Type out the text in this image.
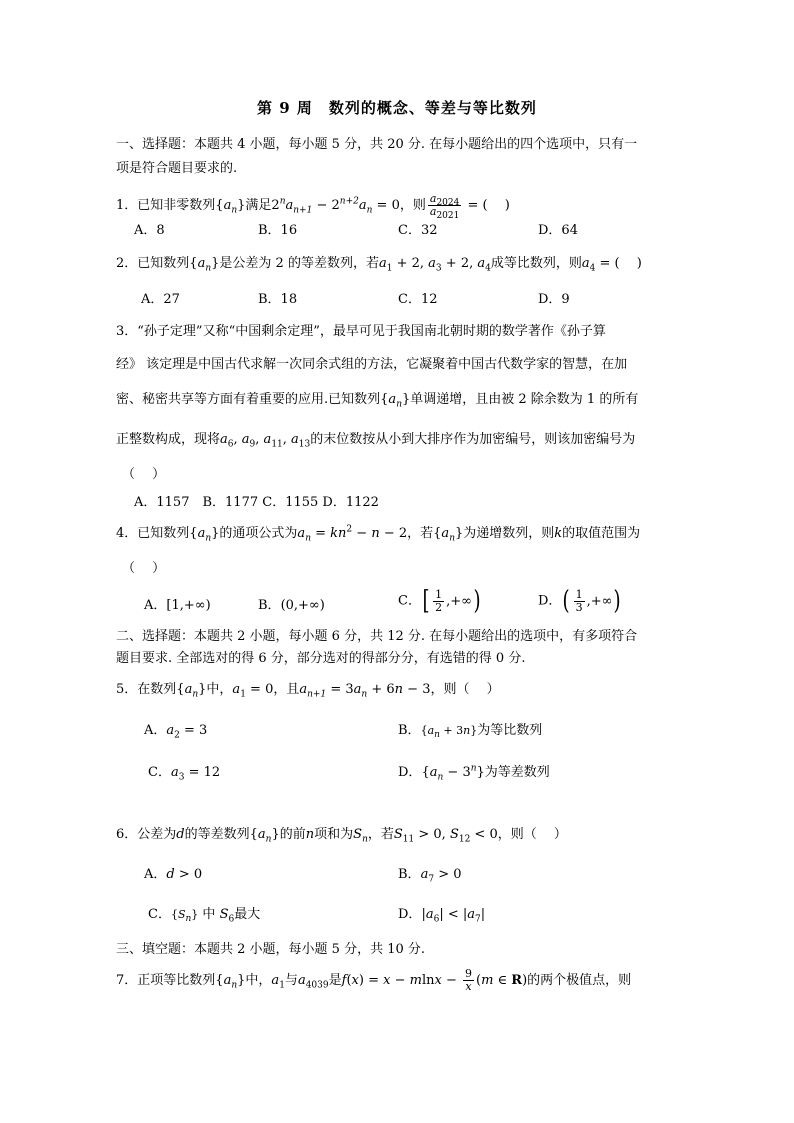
第 9 周　数列的概念、等差与等比数列
一、选择题：本题共 4 小题，每小题 5 分，共 20 分. 在每小题给出的四个选项中，只有一
项是符合题目要求的.
1．已知非零数列$\{a_n\}$满足$2^na_{n+1} - 2^{n+2}a_n = 0$，则 $\frac{a_{2024}}{a_{2021}}$ = (　 )
A．8	B．16	C．32	D．64
2．已知数列$\{a_n\}$是公差为 2 的等差数列，若$a_1 + 2$, $a_3 + 2$, $a_4$成等比数列，则$a_4$ = (　 )
A．27	B．18	C．12	D．9
3．“孙子定理”又称“中国剩余定理”，最早可见于我国南北朝时期的数学著作《孙子算
经》 该定理是中国古代求解一次同余式组的方法，它凝聚着中国古代数学家的智慧，在加
密、秘密共享等方面有着重要的应用.已知数列$\{a_n\}$单调递增，且由被 2 除余数为 1 的所有
正整数构成，现将$a_6$, $a_9$, $a_{11}$, $a_{13}$的末位数按从小到大排序作为加密编号，则该加密编号为
（　 ）
A．1157　B．1177 C．1155 D．1122
4．已知数列$\{a_n\}$的通项公式为$a_n = kn^2 - n - 2$，若$\{a_n\}$为递增数列，则k的取值范围为
（　 ）
A．[1,+∞)	B．(0,+∞)	C．[ $\frac{1}{2}$ ,+∞)	D．( $\frac{1}{3}$ ,+∞)
二、选择题：本题共 2 小题，每小题 6 分，共 12 分. 在每小题给出的选项中，有多项符合
题目要求. 全部选对的得 6 分，部分选对的得部分分，有选错的得 0 分.
5．在数列$\{a_n\}$中，$a_1 = 0$，且$a_{n+1} = 3a_n + 6n - 3$，则（　 ）
A．$a_2 = 3$	B．$\{a_n + 3n\}$为等比数列
C．$a_3 = 12$	D．$\{a_n - 3^n\}$为等差数列
6．公差为d的等差数列$\{a_n\}$的前n项和为$S_n$，若$S_{11} > 0$, $S_{12} < 0$，则（　 ）
A．d > 0	B．$a_7 > 0$
C．$\{S_n\}$ 中 $S_6$最大	D．$|a_6| < |a_7|$
三、填空题：本题共 2 小题，每小题 5 分，共 10 分.
7．正项等比数列$\{a_n\}$中，$a_1$与$a_{4039}$是$f(x) = x - mlnx - \frac{9}{x} (m$ ∈ R)的两个极值点，则
